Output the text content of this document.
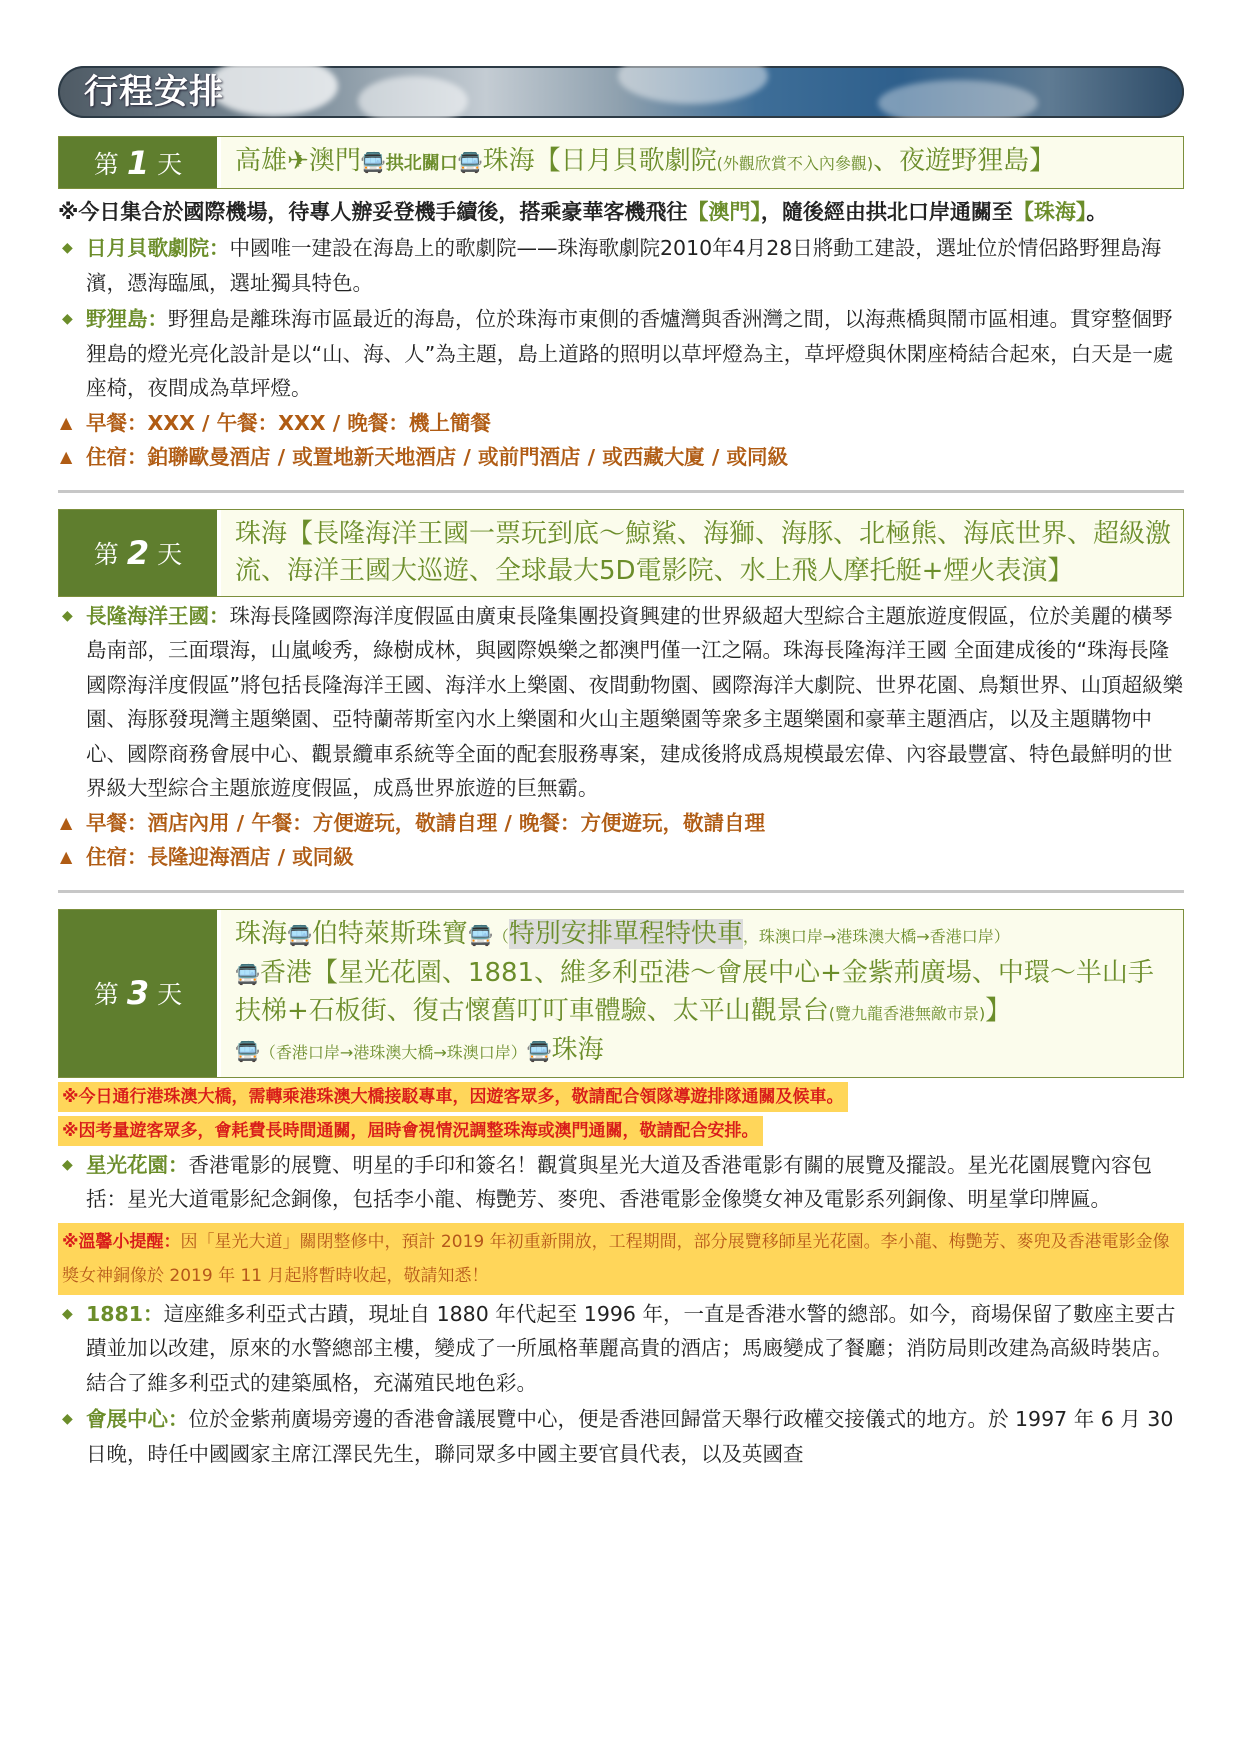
行程安排
第 1 天	高雄✈澳門🚍拱北關口🚍珠海【日月貝歌劇院(外觀欣賞不入內參觀)、夜遊野狸島】
※今日集合於國際機場，待專人辦妥登機手續後，搭乘豪華客機飛往【澳門】，隨後經由拱北口岸通關至【珠海】。
◆ 日月貝歌劇院：中國唯一建設在海島上的歌劇院——珠海歌劇院2010年4月28日將動工建設，選址位於情侶路野狸島海濱，憑海臨風，選址獨具特色。
◆ 野狸島：野狸島是離珠海市區最近的海島，位於珠海市東側的香爐灣與香洲灣之間，以海燕橋與鬧市區相連。貫穿整個野狸島的燈光亮化設計是以“山、海、人”為主題，島上道路的照明以草坪燈為主，草坪燈與休閑座椅結合起來，白天是一處座椅，夜間成為草坪燈。
▲ 早餐：XXX / 午餐：XXX / 晚餐：機上簡餐
▲ 住宿：鉑聯歐曼酒店 / 或置地新天地酒店 / 或前門酒店 / 或西藏大廈 / 或同級
第 2 天
珠海【長隆海洋王國一票玩到底～鯨鯊、海獅、海豚、北極熊、海底世界、超級激流、海洋王國大巡遊、全球最大5D電影院、水上飛人摩托艇+煙火表演】
◆ 長隆海洋王國：珠海長隆國際海洋度假區由廣東長隆集團投資興建的世界級超大型綜合主題旅遊度假區，位於美麗的橫琴島南部，三面環海，山嵐峻秀，綠樹成林，與國際娛樂之都澳門僅一江之隔。珠海長隆海洋王國 全面建成後的“珠海長隆國際海洋度假區”將包括長隆海洋王國、海洋水上樂園、夜間動物園、國際海洋大劇院、世界花園、鳥類世界、山頂超級樂園、海豚發現灣主題樂園、亞特蘭蒂斯室內水上樂園和火山主題樂園等衆多主題樂園和豪華主題酒店，以及主題購物中心、國際商務會展中心、觀景纜車系統等全面的配套服務專案，建成後將成爲規模最宏偉、內容最豐富、特色最鮮明的世界級大型綜合主題旅遊度假區，成爲世界旅遊的巨無霸。
▲ 早餐：酒店內用 / 午餐：方便遊玩，敬請自理 / 晚餐：方便遊玩，敬請自理
▲ 住宿：長隆迎海酒店 / 或同級
第 3 天
珠海🚍伯特萊斯珠寶🚍（特別安排單程特快車，珠澳口岸→港珠澳大橋→香港口岸）
🚍香港【星光花園、1881、維多利亞港～會展中心+金紫荊廣場、中環～半山手扶梯+石板街、復古懷舊叮叮車體驗、太平山觀景台(覽九龍香港無敵市景)】
🚍（香港口岸→港珠澳大橋→珠澳口岸）🚍珠海
※今日通行港珠澳大橋，需轉乘港珠澳大橋接駁專車，因遊客眾多，敬請配合領隊導遊排隊通關及候車。
※因考量遊客眾多，會耗費長時間通關，屆時會視情況調整珠海或澳門通關，敬請配合安排。
◆ 星光花園：香港電影的展覽、明星的手印和簽名！觀賞與星光大道及香港電影有關的展覽及擺設。星光花園展覽內容包括：星光大道電影紀念銅像，包括李小龍、梅艷芳、麥兜、香港電影金像獎女神及電影系列銅像、明星掌印牌匾。
※溫馨小提醒：因「星光大道」關閉整修中，預計 2019 年初重新開放，工程期間，部分展覽移師星光花園。李小龍、梅艷芳、麥兜及香港電影金像獎女神銅像於 2019 年 11 月起將暫時收起，敬請知悉！
◆ 1881：這座維多利亞式古蹟，現址自 1880 年代起至 1996 年，一直是香港水警的總部。如今，商場保留了數座主要古蹟並加以改建，原來的水警總部主樓，變成了一所風格華麗高貴的酒店；馬廄變成了餐廳；消防局則改建為高級時裝店。結合了維多利亞式的建築風格，充滿殖民地色彩。
◆ 會展中心：位於金紫荊廣場旁邊的香港會議展覽中心，便是香港回歸當天舉行政權交接儀式的地方。於 1997 年 6 月 30 日晚，時任中國國家主席江澤民先生，聯同眾多中國主要官員代表，以及英國查
